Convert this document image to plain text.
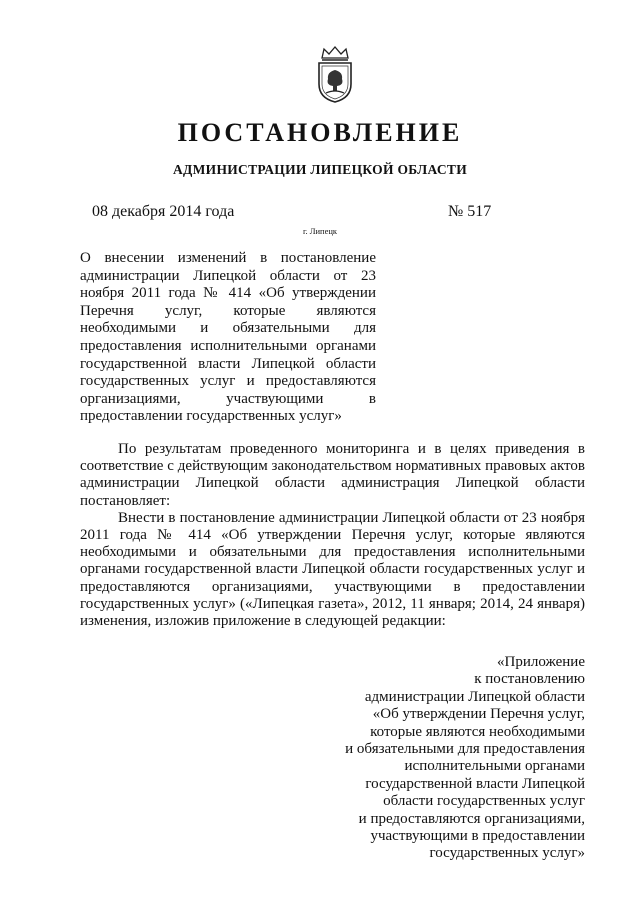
ПОСТАНОВЛЕНИЕ
АДМИНИСТРАЦИИ ЛИПЕЦКОЙ ОБЛАСТИ
08 декабря 2014 года	№ 517
г. Липецк
О внесении изменений в постановление администрации Липецкой области от 23 ноября 2011 года № 414 «Об утверждении Перечня услуг, которые являются необходимыми и обязательными для предоставления исполнительными органами государственной власти Липецкой области государственных услуг и предоставляются организациями, участвующими в предоставлении государственных услуг»

По результатам проведенного мониторинга и в целях приведения в соответствие с действующим законодательством нормативных правовых актов администрации Липецкой области администрация Липецкой области постановляет:

Внести в постановление администрации Липецкой области от 23 ноября 2011 года № 414 «Об утверждении Перечня услуг, которые являются необходимыми и обязательными для предоставления исполнительными органами государственной власти Липецкой области государственных услуг и предоставляются организациями, участвующими в предоставлении государственных услуг» («Липецкая газета», 2012, 11 января; 2014, 24 января) изменения, изложив приложение в следующей редакции:

«Приложение
к постановлению
администрации Липецкой области
«Об утверждении Перечня услуг,
которые являются необходимыми
и обязательными для предоставления
исполнительными органами
государственной власти Липецкой
области государственных услуг
и предоставляются организациями,
участвующими в предоставлении
государственных услуг»
